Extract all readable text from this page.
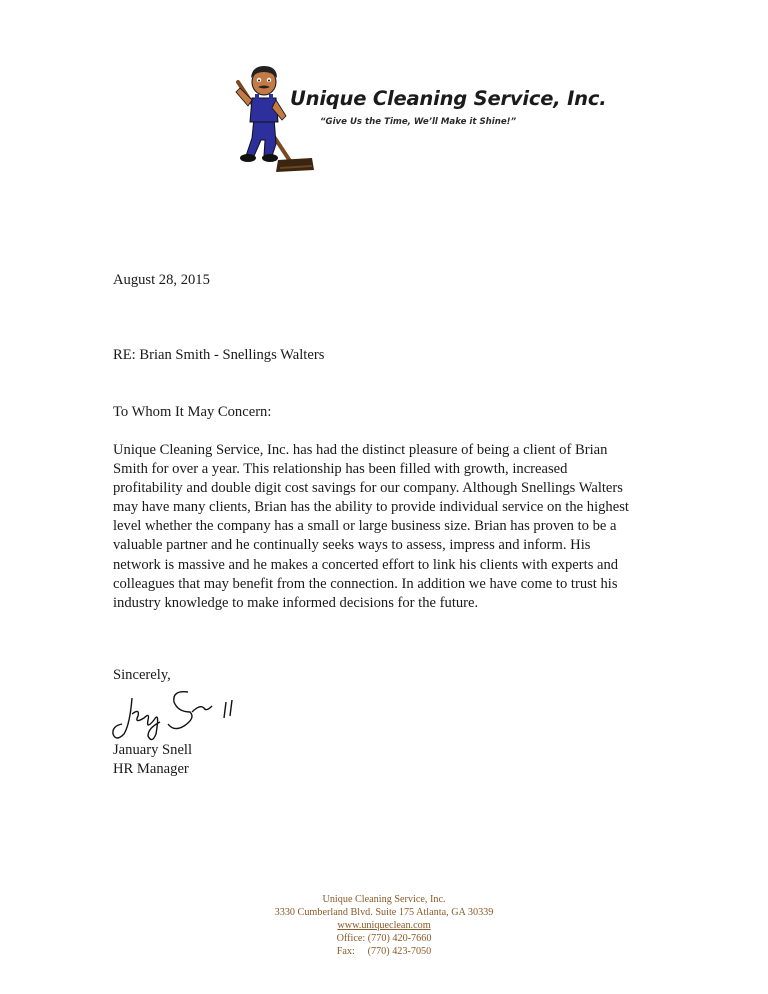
Unique Cleaning Service, Inc.
“Give Us the Time, We’ll Make it Shine!”
August 28, 2015
RE: Brian Smith - Snellings Walters
To Whom It May Concern:
Unique Cleaning Service, Inc. has had the distinct pleasure of being a client of Brian
Smith for over a year. This relationship has been filled with growth, increased
profitability and double digit cost savings for our company. Although Snellings Walters
may have many clients, Brian has the ability to provide individual service on the highest
level whether the company has a small or large business size. Brian has proven to be a
valuable partner and he continually seeks ways to assess, impress and inform. His
network is massive and he makes a concerted effort to link his clients with experts and
colleagues that may benefit from the connection. In addition we have come to trust his
industry knowledge to make informed decisions for the future.
Sincerely,
January Snell
HR Manager
Unique Cleaning Service, Inc.
3330 Cumberland Blvd. Suite 175 Atlanta, GA 30339
www.uniqueclean.com
Office: (770) 420-7660
Fax:     (770) 423-7050
